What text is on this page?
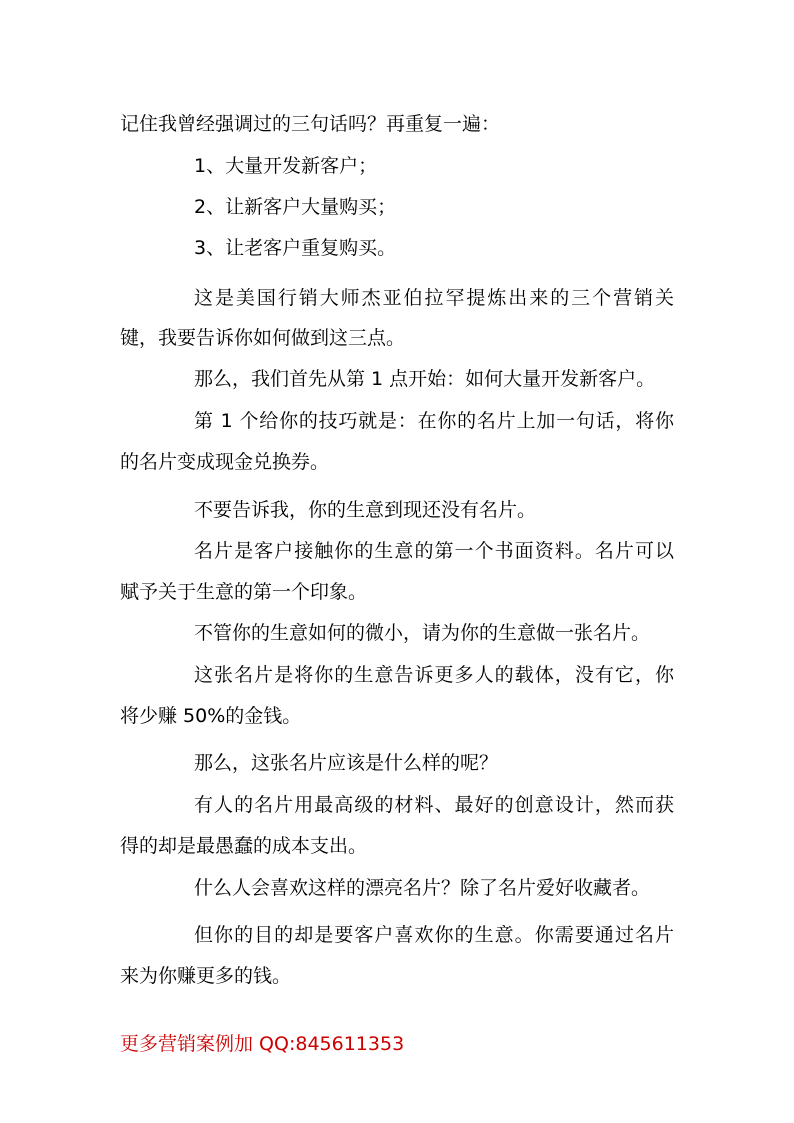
记住我曾经强调过的三句话吗？再重复一遍：
1、大量开发新客户；
2、让新客户大量购买；
3、让老客户重复购买。
这是美国行销大师杰亚伯拉罕提炼出来的三个营销关
键，我要告诉你如何做到这三点。
那么，我们首先从第 1 点开始：如何大量开发新客户。
第 1 个给你的技巧就是：在你的名片上加一句话，将你
的名片变成现金兑换券。
不要告诉我，你的生意到现还没有名片。
名片是客户接触你的生意的第一个书面资料。名片可以
赋予关于生意的第一个印象。
不管你的生意如何的微小，请为你的生意做一张名片。
这张名片是将你的生意告诉更多人的载体，没有它，你
将少赚 50%的金钱。
那么，这张名片应该是什么样的呢？
有人的名片用最高级的材料、最好的创意设计，然而获
得的却是最愚蠢的成本支出。
什么人会喜欢这样的漂亮名片？除了名片爱好收藏者。
但你的目的却是要客户喜欢你的生意。你需要通过名片
来为你赚更多的钱。
更多营销案例加 QQ:845611353
